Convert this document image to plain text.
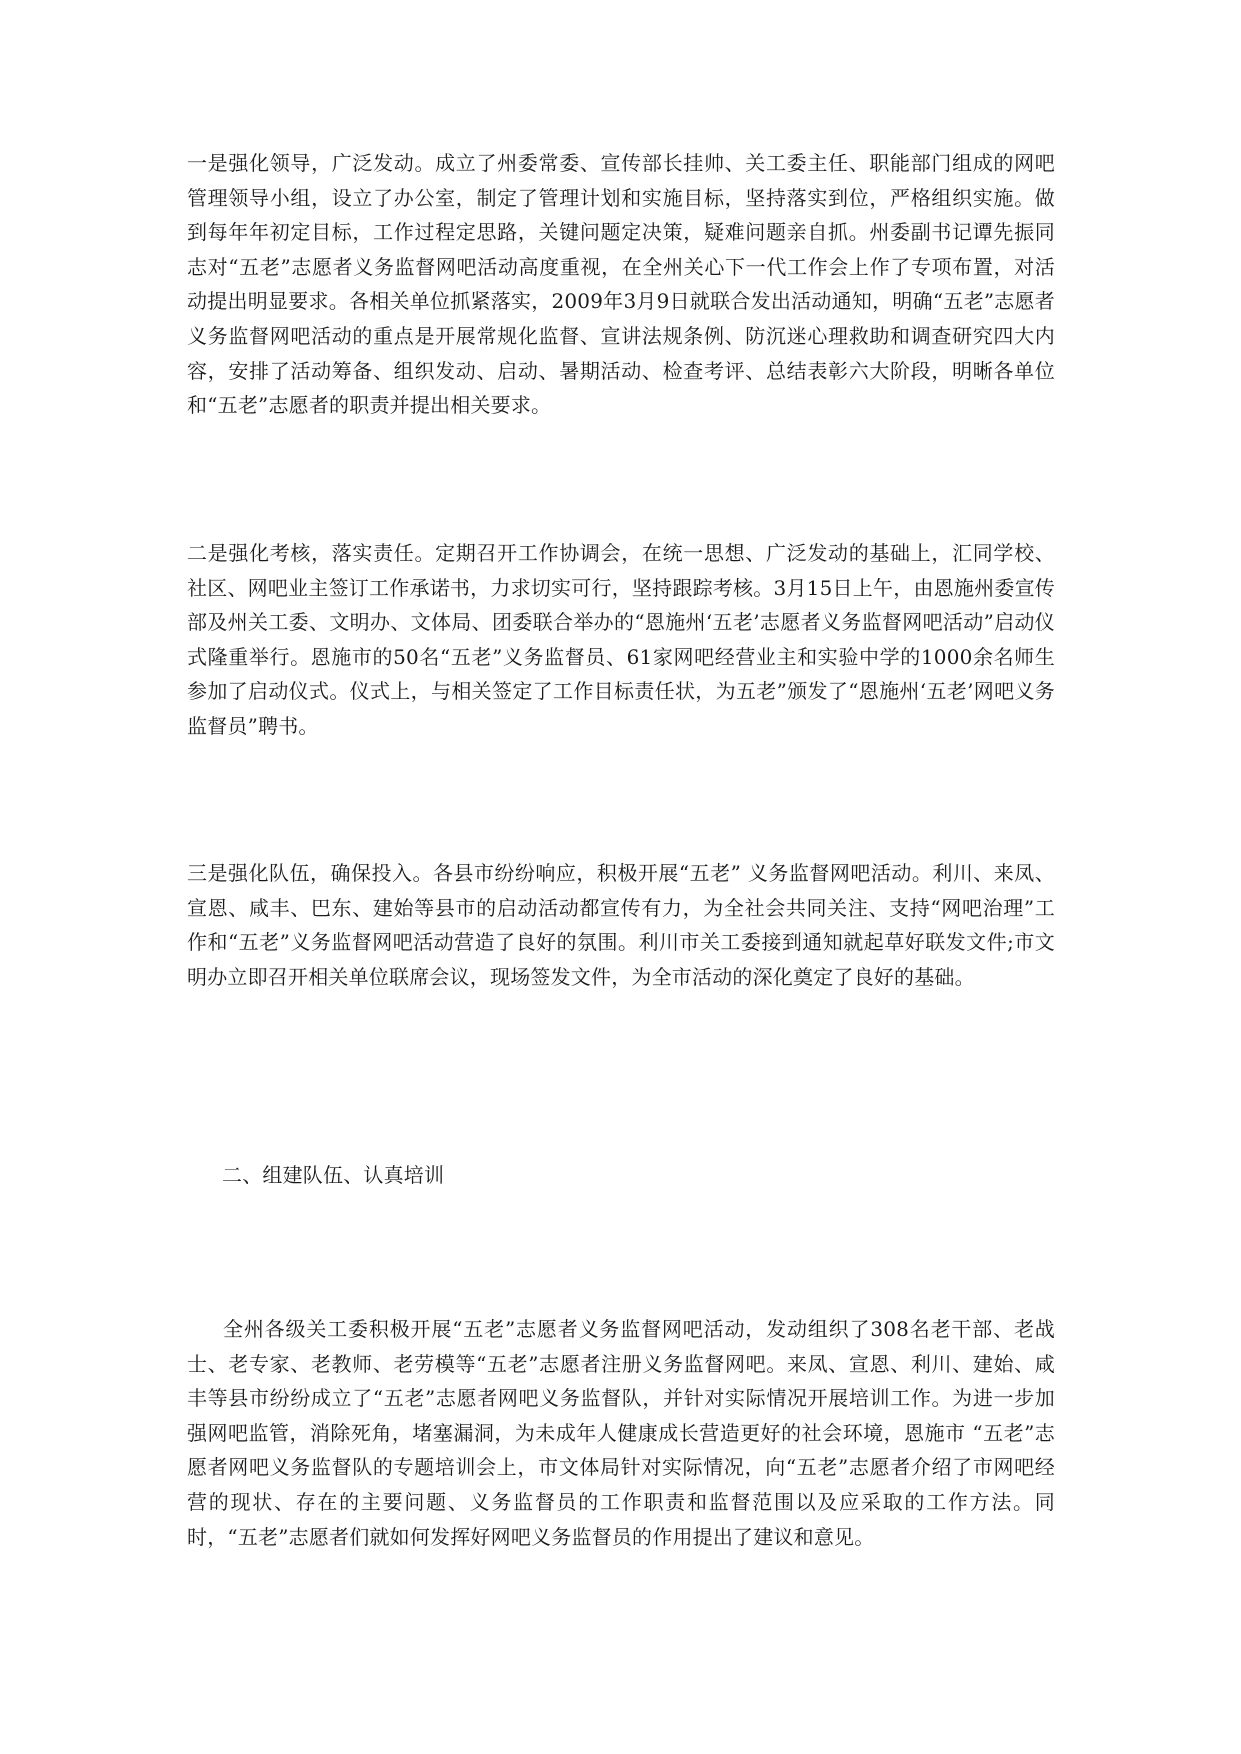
一是强化领导，广泛发动。成立了州委常委、宣传部长挂帅、关工委主任、职能部门组成的网吧管理领导小组，设立了办公室，制定了管理计划和实施目标，坚持落实到位，严格组织实施。做到每年年初定目标，工作过程定思路，关键问题定决策，疑难问题亲自抓。州委副书记谭先振同志对“五老”志愿者义务监督网吧活动高度重视，在全州关心下一代工作会上作了专项布置，对活动提出明显要求。各相关单位抓紧落实，2009年3月9日就联合发出活动通知，明确“五老”志愿者义务监督网吧活动的重点是开展常规化监督、宣讲法规条例、防沉迷心理救助和调查研究四大内容，安排了活动筹备、组织发动、启动、暑期活动、检查考评、总结表彰六大阶段，明晰各单位和“五老”志愿者的职责并提出相关要求。

二是强化考核，落实责任。定期召开工作协调会，在统一思想、广泛发动的基础上，汇同学校、社区、网吧业主签订工作承诺书，力求切实可行，坚持跟踪考核。3月15日上午，由恩施州委宣传部及州关工委、文明办、文体局、团委联合举办的“恩施州‘五老’志愿者义务监督网吧活动”启动仪式隆重举行。恩施市的50名“五老”义务监督员、61家网吧经营业主和实验中学的1000余名师生参加了启动仪式。仪式上，与相关签定了工作目标责任状，为五老”颁发了“恩施州‘五老’网吧义务监督员”聘书。

三是强化队伍，确保投入。各县市纷纷响应，积极开展“五老” 义务监督网吧活动。利川、来凤、宣恩、咸丰、巴东、建始等县市的启动活动都宣传有力，为全社会共同关注、支持“网吧治理”工作和“五老”义务监督网吧活动营造了良好的氛围。利川市关工委接到通知就起草好联发文件;市文明办立即召开相关单位联席会议，现场签发文件，为全市活动的深化奠定了良好的基础。

二、组建队伍、认真培训

全州各级关工委积极开展“五老”志愿者义务监督网吧活动，发动组织了308名老干部、老战士、老专家、老教师、老劳模等“五老”志愿者注册义务监督网吧。来凤、宣恩、利川、建始、咸丰等县市纷纷成立了“五老”志愿者网吧义务监督队，并针对实际情况开展培训工作。为进一步加强网吧监管，消除死角，堵塞漏洞，为未成年人健康成长营造更好的社会环境，恩施市 “五老”志愿者网吧义务监督队的专题培训会上，市文体局针对实际情况，向“五老”志愿者介绍了市网吧经营的现状、存在的主要问题、义务监督员的工作职责和监督范围以及应采取的工作方法。同时，“五老”志愿者们就如何发挥好网吧义务监督员的作用提出了建议和意见。
